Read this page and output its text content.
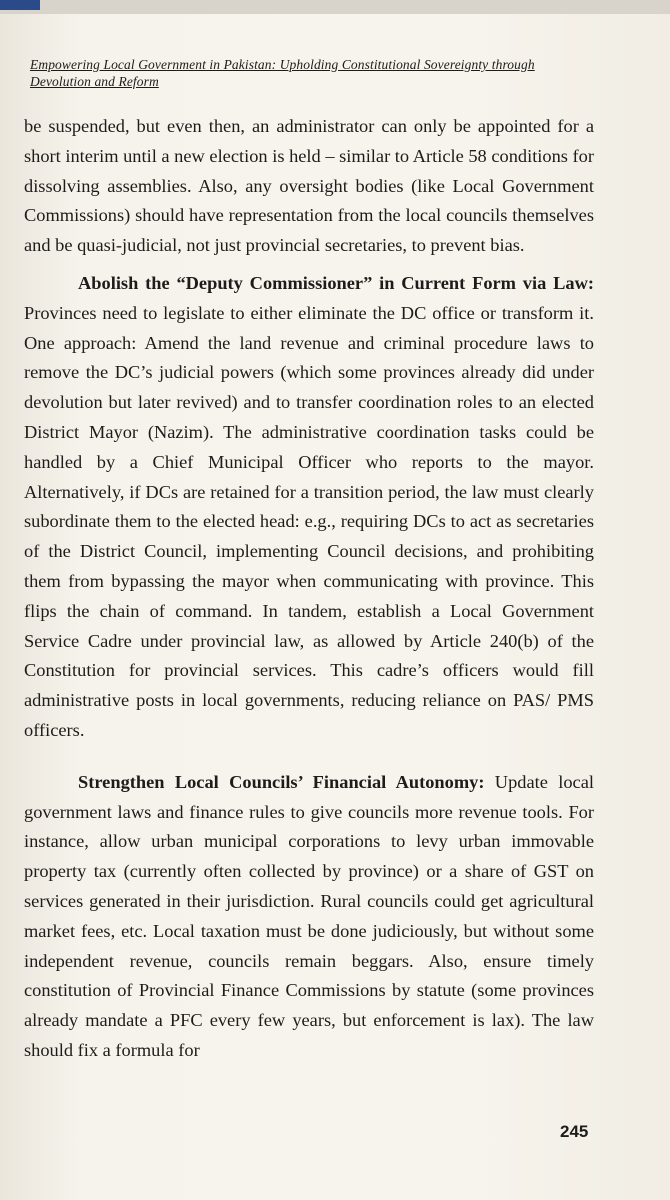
Empowering Local Government in Pakistan: Upholding Constitutional Sovereignty through Devolution and Reform

be suspended, but even then, an administrator can only be appointed for a short interim until a new election is held – similar to Article 58 conditions for dissolving assemblies. Also, any oversight bodies (like Local Government Commissions) should have representation from the local councils themselves and be quasi-judicial, not just provincial secretaries, to prevent bias.

Abolish the “Deputy Commissioner” in Current Form via Law: Provinces need to legislate to either eliminate the DC office or transform it. One approach: Amend the land revenue and criminal procedure laws to remove the DC’s judicial powers (which some provinces already did under devolution but later revived) and to transfer coordination roles to an elected District Mayor (Nazim). The administrative coordination tasks could be handled by a Chief Municipal Officer who reports to the mayor. Alternatively, if DCs are retained for a transition period, the law must clearly subordinate them to the elected head: e.g., requiring DCs to act as secretaries of the District Council, implementing Council decisions, and prohibiting them from bypassing the mayor when communicating with province. This flips the chain of command. In tandem, establish a Local Government Service Cadre under provincial law, as allowed by Article 240(b) of the Constitution for provincial services. This cadre’s officers would fill administrative posts in local governments, reducing reliance on PAS/ PMS officers.

Strengthen Local Councils’ Financial Autonomy: Update local government laws and finance rules to give councils more revenue tools. For instance, allow urban municipal corporations to levy urban immovable property tax (currently often collected by province) or a share of GST on services generated in their jurisdiction. Rural councils could get agricultural market fees, etc. Local taxation must be done judiciously, but without some independent revenue, councils remain beggars. Also, ensure timely constitution of Provincial Finance Commissions by statute (some provinces already mandate a PFC every few years, but enforcement is lax). The law should fix a formula for

245
